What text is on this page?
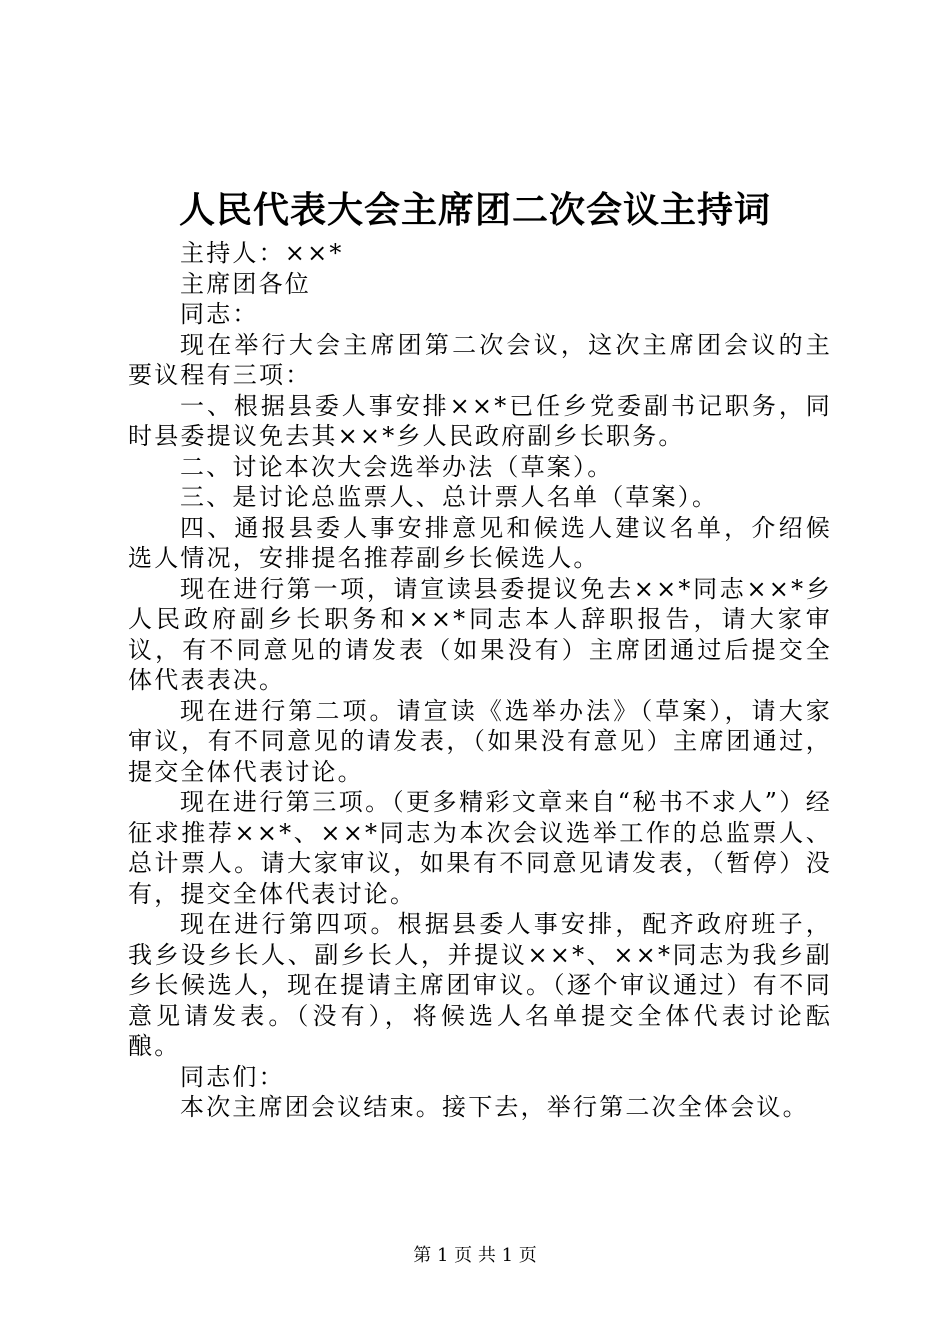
人民代表大会主席团二次会议主持词

主持人：××*

主席团各位

同志：

现在举行大会主席团第二次会议，这次主席团会议的主要议程有三项：

一、根据县委人事安排××*已任乡党委副书记职务，同时县委提议免去其××*乡人民政府副乡长职务。

二、讨论本次大会选举办法（草案）。

三、是讨论总监票人、总计票人名单（草案）。

四、通报县委人事安排意见和候选人建议名单，介绍候选人情况，安排提名推荐副乡长候选人。

现在进行第一项，请宣读县委提议免去××*同志××*乡人民政府副乡长职务和××*同志本人辞职报告，请大家审议，有不同意见的请发表（如果没有）主席团通过后提交全体代表表决。

现在进行第二项。请宣读《选举办法》（草案），请大家审议，有不同意见的请发表，（如果没有意见）主席团通过，提交全体代表讨论。

现在进行第三项。（更多精彩文章来自“秘书不求人”）经征求推荐××*、××*同志为本次会议选举工作的总监票人、总计票人。请大家审议，如果有不同意见请发表，（暂停）没有，提交全体代表讨论。

现在进行第四项。根据县委人事安排，配齐政府班子，我乡设乡长人、副乡长人，并提议××*、××*同志为我乡副乡长候选人，现在提请主席团审议。（逐个审议通过）有不同意见请发表。（没有），将候选人名单提交全体代表讨论酝酿。

同志们：

本次主席团会议结束。接下去，举行第二次全体会议。

第 1 页 共 1 页
